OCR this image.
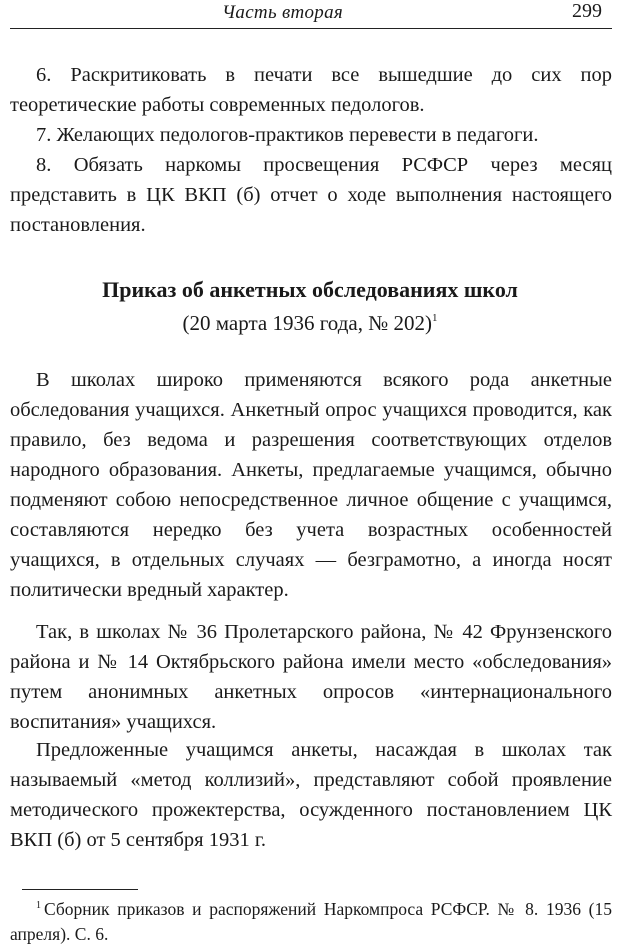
Часть вторая	299

6. Раскритиковать в печати все вышедшие до сих пор теоретические работы современных педологов.

7. Желающих педологов-практиков перевести в педагоги.

8. Обязать наркомы просвещения РСФСР через месяц представить в ЦК ВКП (б) отчет о ходе выполнения настоящего постановления.

Приказ об анкетных обследованиях школ

(20 марта 1936 года, № 202)$^1$

В школах широко применяются всякого рода анкетные обследования учащихся. Анкетный опрос учащихся проводится, как правило, без ведома и разрешения соответствующих отделов народного образования. Анкеты, предлагаемые учащимся, обычно подменяют собою непосредственное личное общение с учащимся, составляются нередко без учета возрастных особенностей учащихся, в отдельных случаях — безграмотно, а иногда носят политически вредный характер.

Так, в школах № 36 Пролетарского района, № 42 Фрунзенского района и № 14 Октябрьского района имели место «обследования» путем анонимных анкетных опросов «интернационального воспитания» учащихся.

Предложенные учащимся анкеты, насаждая в школах так называемый «метод коллизий», представляют собой проявление методического прожектерства, осужденного постановлением ЦК ВКП (б) от 5 сентября 1931 г.

$^1$ Сборник приказов и распоряжений Наркомпроса РСФСР. № 8. 1936 (15 апреля). С. 6.
